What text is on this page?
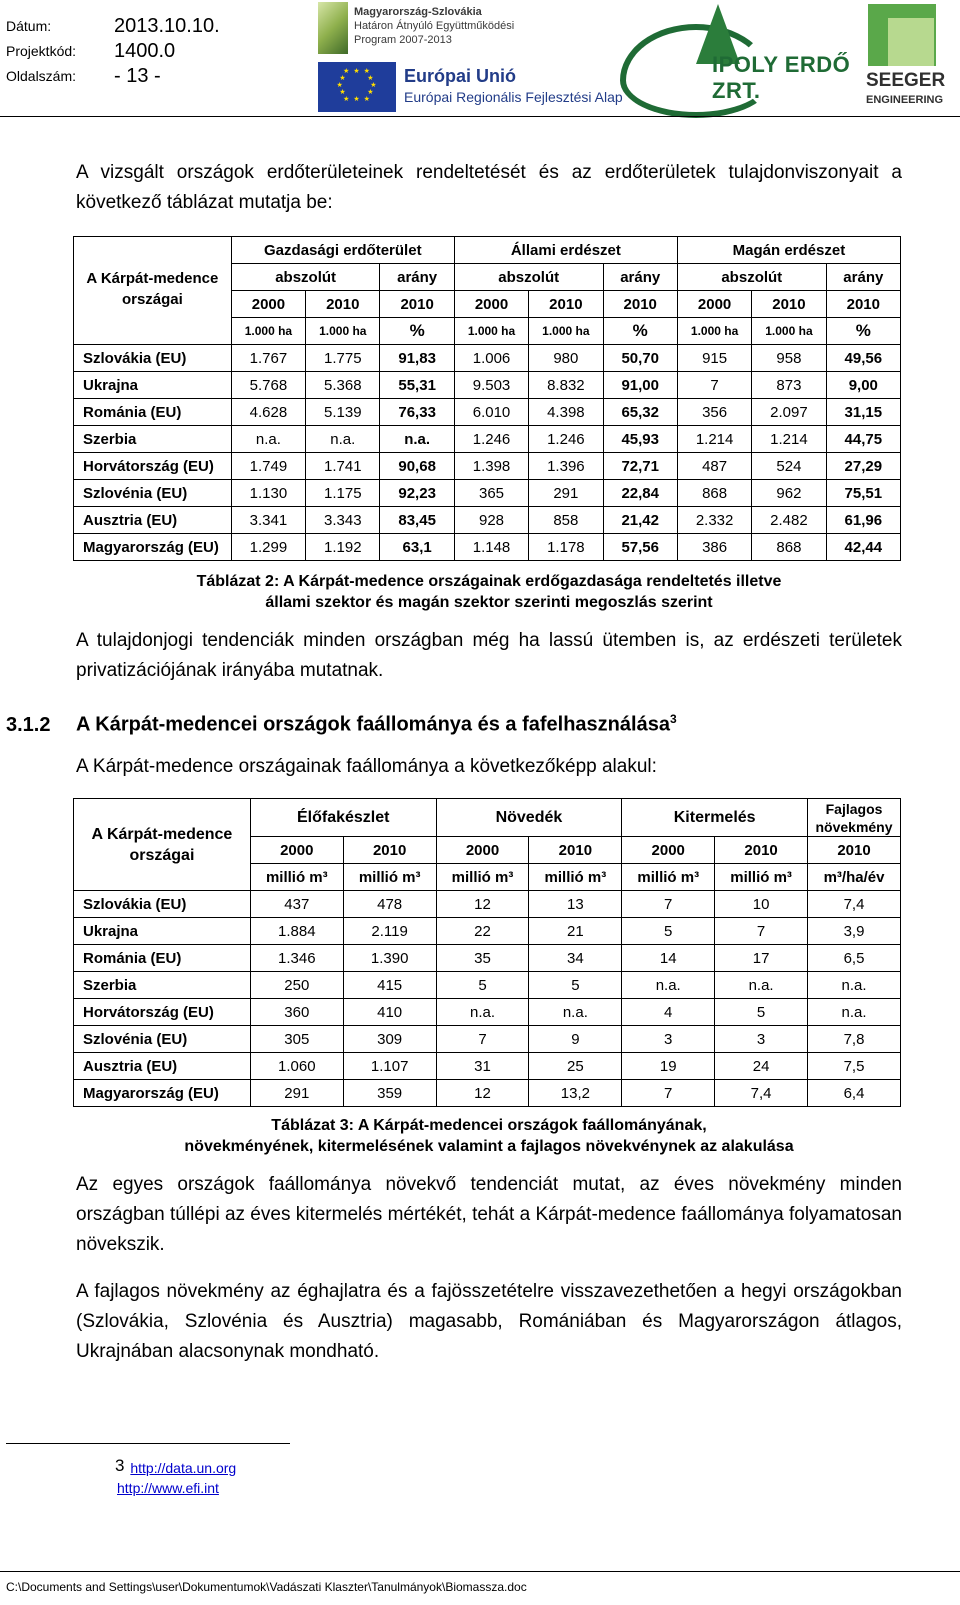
Dátum:	2013.10.10.
Projektkód:	1400.0
Oldalszám:	- 13 -
Magyarország-Szlovákia
Határon Átnyúló Együttműködési
Program 2007-2013
★ ★ ★
★       ★
★         ★
★       ★
★ ★ ★
Európai Unió
Európai Regionális Fejlesztési Alap
IPOLY ERDŐ ZRT.	SEEGER
ENGINEERING
A vizsgált országok erdőterületeinek rendeltetését és az erdőterületek tulajdonviszonyait a következő táblázat mutatja be:
A Kárpát-medence országai	Gazdasági erdőterület			Állami erdészet			Magán erdészet		
	abszolút		arány	abszolút		arány	abszolút		arány
	2000	2010	2010	2000	2010	2010	2000	2010	2010
	1.000 ha	1.000 ha	%	1.000 ha	1.000 ha	%	1.000 ha	1.000 ha	%
Szlovákia (EU)	1.767	1.775	91,83	1.006	980	50,70	915	958	49,56
Ukrajna	5.768	5.368	55,31	9.503	8.832	91,00	7	873	9,00
Románia (EU)	4.628	5.139	76,33	6.010	4.398	65,32	356	2.097	31,15
Szerbia	n.a.	n.a.	n.a.	1.246	1.246	45,93	1.214	1.214	44,75
Horvátország (EU)	1.749	1.741	90,68	1.398	1.396	72,71	487	524	27,29
Szlovénia (EU)	1.130	1.175	92,23	365	291	22,84	868	962	75,51
Ausztria (EU)	3.341	3.343	83,45	928	858	21,42	2.332	2.482	61,96
Magyarország (EU)	1.299	1.192	63,1	1.148	1.178	57,56	386	868	42,44
Táblázat 2: A Kárpát-medence országainak erdőgazdasága rendeltetés illetve
állami szektor és magán szektor szerinti megoszlás szerint
A tulajdonjogi tendenciák minden országban még ha lassú ütemben is, az erdészeti területek privatizációjának irányába mutatnak.
3.1.2 A Kárpát-medencei országok faállománya és a fafelhasználása$^3$
A Kárpát-medence országainak faállománya a következőképp alakul:
A Kárpát-medence országai	Élőfakészlet		Növedék		Kitermelés		Fajlagos növekmény
	2000	2010	2000	2010	2000	2010	2010
	millió m³	millió m³	millió m³	millió m³	millió m³	millió m³	m³/ha/év
Szlovákia (EU)	437	478	12	13	7	10	7,4
Ukrajna	1.884	2.119	22	21	5	7	3,9
Románia (EU)	1.346	1.390	35	34	14	17	6,5
Szerbia	250	415	5	5	n.a.	n.a.	n.a.
Horvátország (EU)	360	410	n.a.	n.a.	4	5	n.a.
Szlovénia (EU)	305	309	7	9	3	3	7,8
Ausztria (EU)	1.060	1.107	31	25	19	24	7,5
Magyarország (EU)	291	359	12	13,2	7	7,4	6,4
Táblázat 3: A Kárpát-medencei országok faállományának,
növekményének, kitermelésének valamint a fajlagos növekvénynek az alakulása
Az egyes országok faállománya növekvő tendenciát mutat, az éves növekmény minden országban túllépi az éves kitermelés mértékét, tehát a Kárpát-medence faállománya folyamatosan növekszik.
A fajlagos növekmény az éghajlatra és a fajösszetételre visszavezethetően a hegyi országokban (Szlovákia, Szlovénia és Ausztria) magasabb, Romániában és Magyarországon átlagos, Ukrajnában alacsonynak mondható.
3 http://data.un.org
http://www.efi.int
C:\Documents and Settings\user\Dokumentumok\Vadászati Klaszter\Tanulmányok\Biomassza.doc
